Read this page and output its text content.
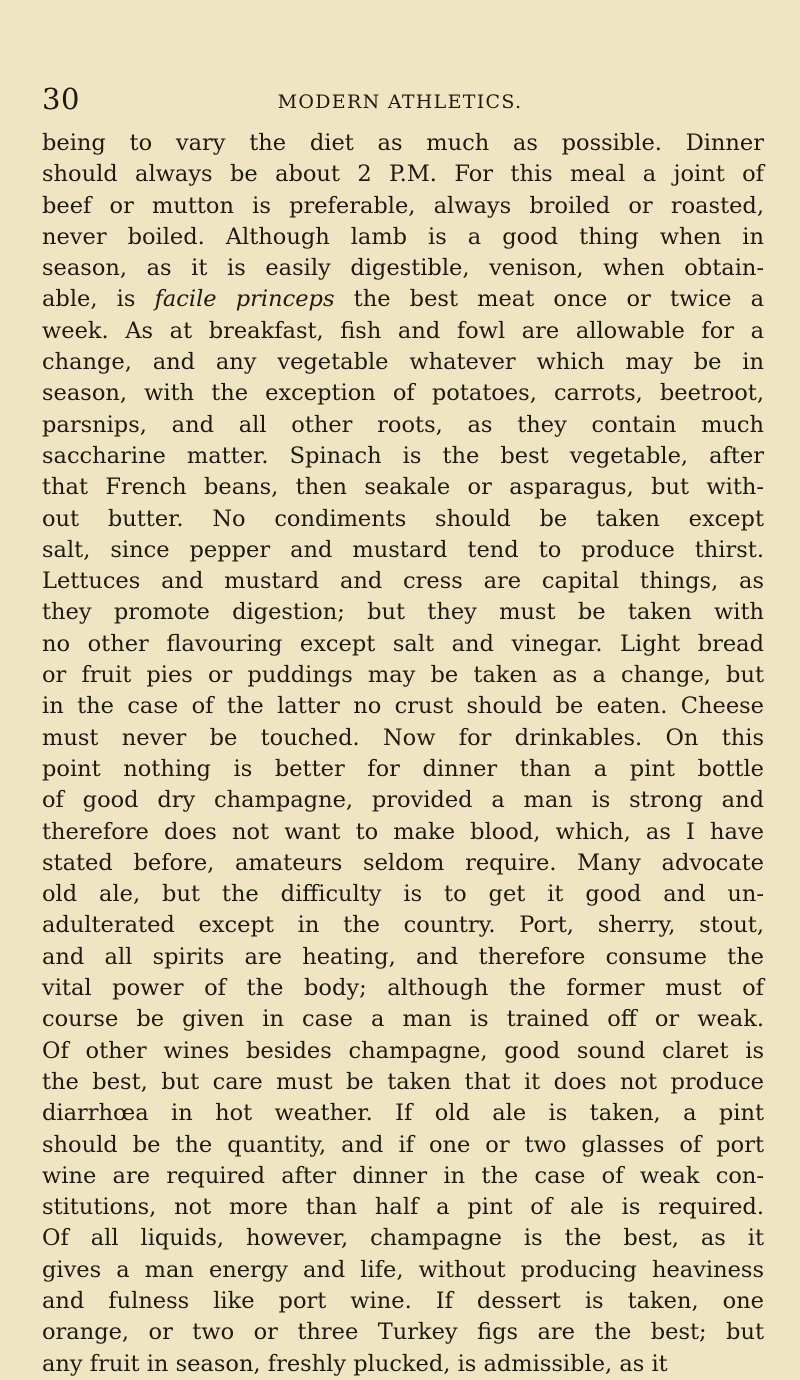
30	MODERN ATHLETICS.
being to vary the diet as much as possible. Dinner
should always be about 2 P.M. For this meal a joint of
beef or mutton is preferable, always broiled or roasted,
never boiled. Although lamb is a good thing when in
season, as it is easily digestible, venison, when obtain-
able, is facile princeps the best meat once or twice a
week. As at breakfast, fish and fowl are allowable for a
change, and any vegetable whatever which may be in
season, with the exception of potatoes, carrots, beetroot,
parsnips, and all other roots, as they contain much
saccharine matter. Spinach is the best vegetable, after
that French beans, then seakale or asparagus, but with-
out butter. No condiments should be taken except
salt, since pepper and mustard tend to produce thirst.
Lettuces and mustard and cress are capital things, as
they promote digestion; but they must be taken with
no other flavouring except salt and vinegar. Light bread
or fruit pies or puddings may be taken as a change, but
in the case of the latter no crust should be eaten. Cheese
must never be touched. Now for drinkables. On this
point nothing is better for dinner than a pint bottle
of good dry champagne, provided a man is strong and
therefore does not want to make blood, which, as I have
stated before, amateurs seldom require. Many advocate
old ale, but the difficulty is to get it good and un-
adulterated except in the country. Port, sherry, stout,
and all spirits are heating, and therefore consume the
vital power of the body; although the former must of
course be given in case a man is trained off or weak.
Of other wines besides champagne, good sound claret is
the best, but care must be taken that it does not produce
diarrhœa in hot weather. If old ale is taken, a pint
should be the quantity, and if one or two glasses of port
wine are required after dinner in the case of weak con-
stitutions, not more than half a pint of ale is required.
Of all liquids, however, champagne is the best, as it
gives a man energy and life, without producing heaviness
and fulness like port wine. If dessert is taken, one
orange, or two or three Turkey figs are the best; but
any fruit in season, freshly plucked, is admissible, as it
